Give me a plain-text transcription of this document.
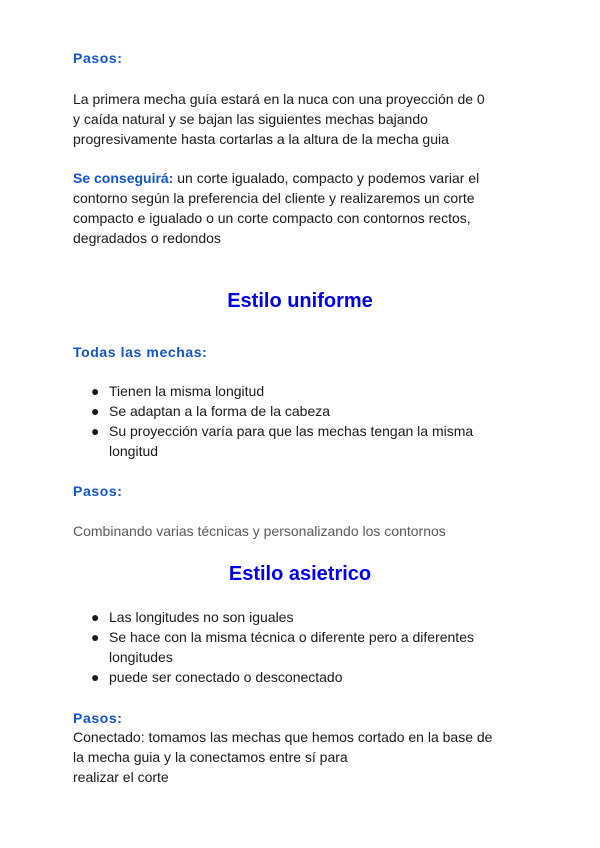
Pasos:
La primera mecha guía estará en la nuca con una proyección de 0
y caída natural y se bajan las siguientes mechas bajando
progresivamente hasta cortarlas a la altura de la mecha guia
Se conseguirá: un corte igualado, compacto y podemos variar el
contorno según la preferencia del cliente y realizaremos un corte
compacto e igualado o un corte compacto con contornos rectos,
degradados o redondos
Estilo uniforme
Todas las mechas:
● Tienen la misma longitud
● Se adaptan a la forma de la cabeza
● Su proyección varía para que las mechas tengan la misma
longitud
Pasos:
Combinando varias técnicas y personalizando los contornos
Estilo asietrico
● Las longitudes no son iguales
● Se hace con la misma técnica o diferente pero a diferentes
longitudes
● puede ser conectado o desconectado
Pasos:
Conectado: tomamos las mechas que hemos cortado en la base de
la mecha guia y la conectamos entre sí para
realizar el corte
